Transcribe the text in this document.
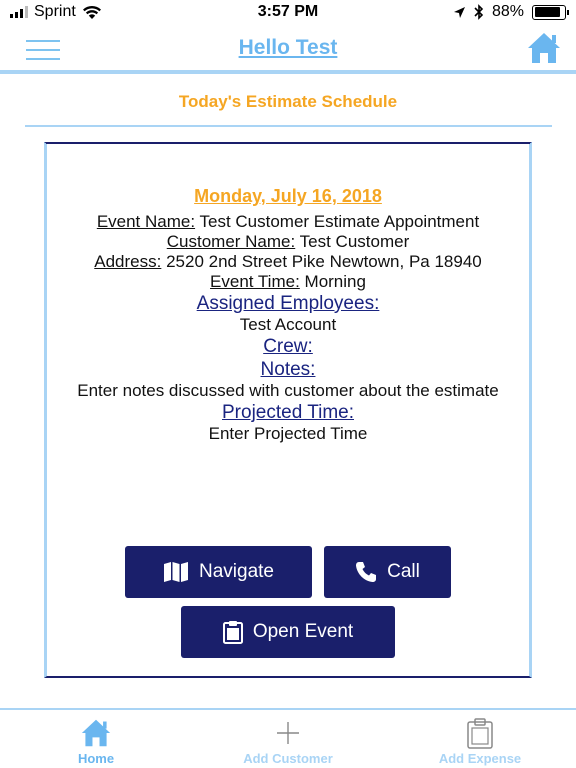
Sprint	3:57 PM	88%
Hello Test
Today's Estimate Schedule
Monday, July 16, 2018
Event Name: Test Customer Estimate Appointment
Customer Name: Test Customer
Address: 2520 2nd Street Pike Newtown, Pa 18940
Event Time: Morning
Assigned Employees:
Test Account
Crew:
Notes:
Enter notes discussed with customer about the estimate
Projected Time:
Enter Projected Time
Navigate	Call
Open Event
Home	Add Customer	Add Expense
